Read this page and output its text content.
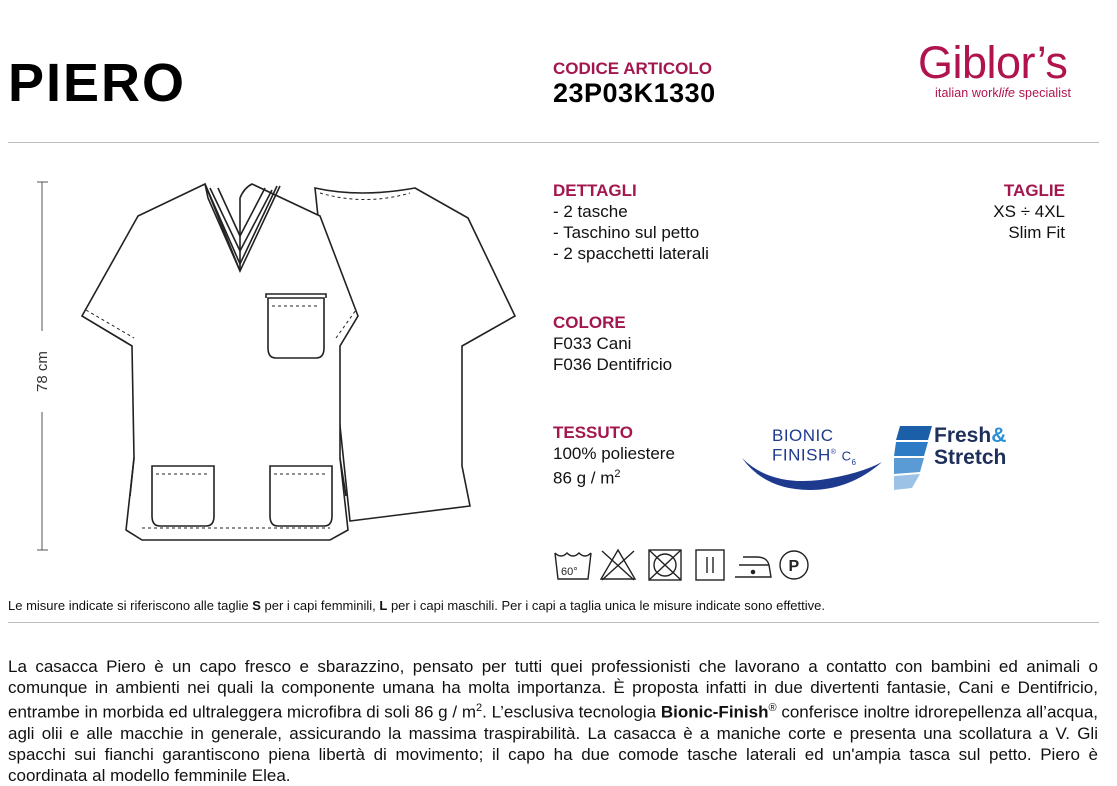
PIERO	CODICE ARTICOLO
23P03K1330
Giblor’s
italian worklife specialist
78 cm
DETTAGLI
- 2 tasche
- Taschino sul petto
- 2 spacchetti laterali
TAGLIE
XS ÷ 4XL
Slim Fit
COLORE
F033 Cani
F036 Dentifricio
TESSUTO
100% poliestere
86 g / $m^2$
BIONIC
FINISH® $C_6$
Fresh&
Stretch
60°	P
Le misure indicate si riferiscono alle taglie S per i capi femminili, L per i capi maschili. Per i capi a taglia unica le misure indicate sono effettive.
La casacca Piero è un capo fresco e sbarazzino, pensato per tutti quei professionisti che lavorano a contatto con bambini ed animali o comunque in ambienti nei quali la componente umana ha molta importanza. È proposta infatti in due divertenti fantasie, Cani e Dentifricio, entrambe in morbida ed ultraleggera microfibra di soli 86 g / $m^2$. L’esclusiva tecnologia Bionic-Finish® conferisce inoltre idrorepellenza all’acqua, agli olii e alle macchie in generale, assicurando la massima traspirabilità. La casacca è a maniche corte e presenta una scollatura a V. Gli spacchi sui fianchi garantiscono piena libertà di movimento; il capo ha due comode tasche laterali ed un'ampia tasca sul petto. Piero è coordinata al modello femminile Elea.
